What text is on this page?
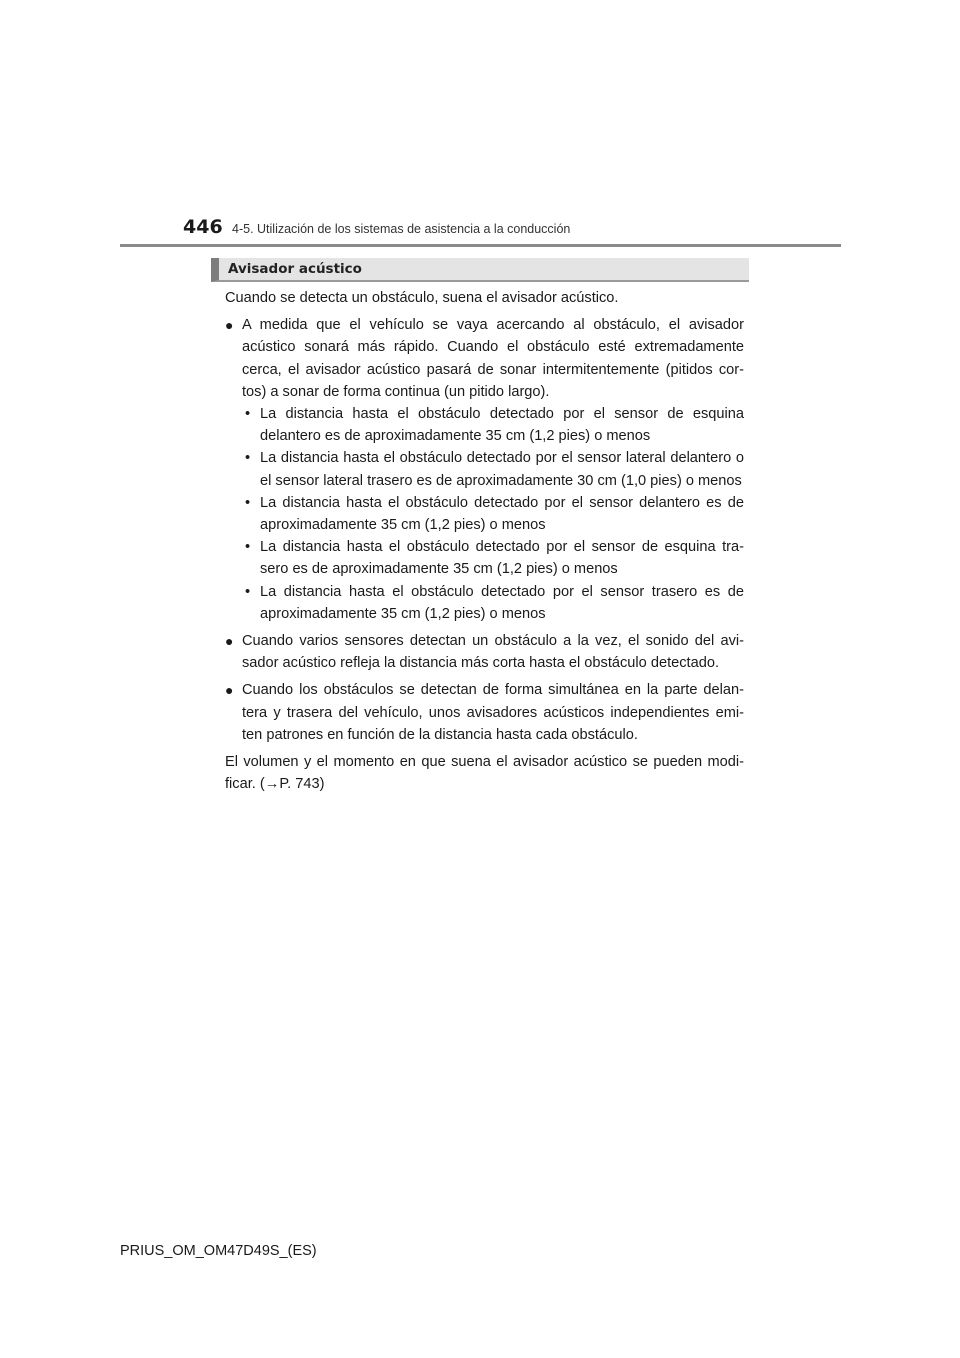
446 4-5. Utilización de los sistemas de asistencia a la conducción
Avisador acústico

Cuando se detecta un obstáculo, suena el avisador acústico.

● A medida que el vehículo se vaya acercando al obstáculo, el avisador acústico sonará más rápido. Cuando el obstáculo esté extremadamente cerca, el avisador acústico pasará de sonar intermitentemente (pitidos cor-tos) a sonar de forma continua (un pitido largo).

• La distancia hasta el obstáculo detectado por el sensor de esquina delantero es de aproximadamente 35 cm (1,2 pies) o menos

• La distancia hasta el obstáculo detectado por el sensor lateral delantero o el sensor lateral trasero es de aproximadamente 30 cm (1,0 pies) o menos

• La distancia hasta el obstáculo detectado por el sensor delantero es de aproximadamente 35 cm (1,2 pies) o menos

• La distancia hasta el obstáculo detectado por el sensor de esquina tra-sero es de aproximadamente 35 cm (1,2 pies) o menos

• La distancia hasta el obstáculo detectado por el sensor trasero es de aproximadamente 35 cm (1,2 pies) o menos

● Cuando varios sensores detectan un obstáculo a la vez, el sonido del avi-sador acústico refleja la distancia más corta hasta el obstáculo detectado.

● Cuando los obstáculos se detectan de forma simultánea en la parte delan-tera y trasera del vehículo, unos avisadores acústicos independientes emi-ten patrones en función de la distancia hasta cada obstáculo.

El volumen y el momento en que suena el avisador acústico se pueden modi-ficar. (→P. 743)

PRIUS_OM_OM47D49S_(ES)
